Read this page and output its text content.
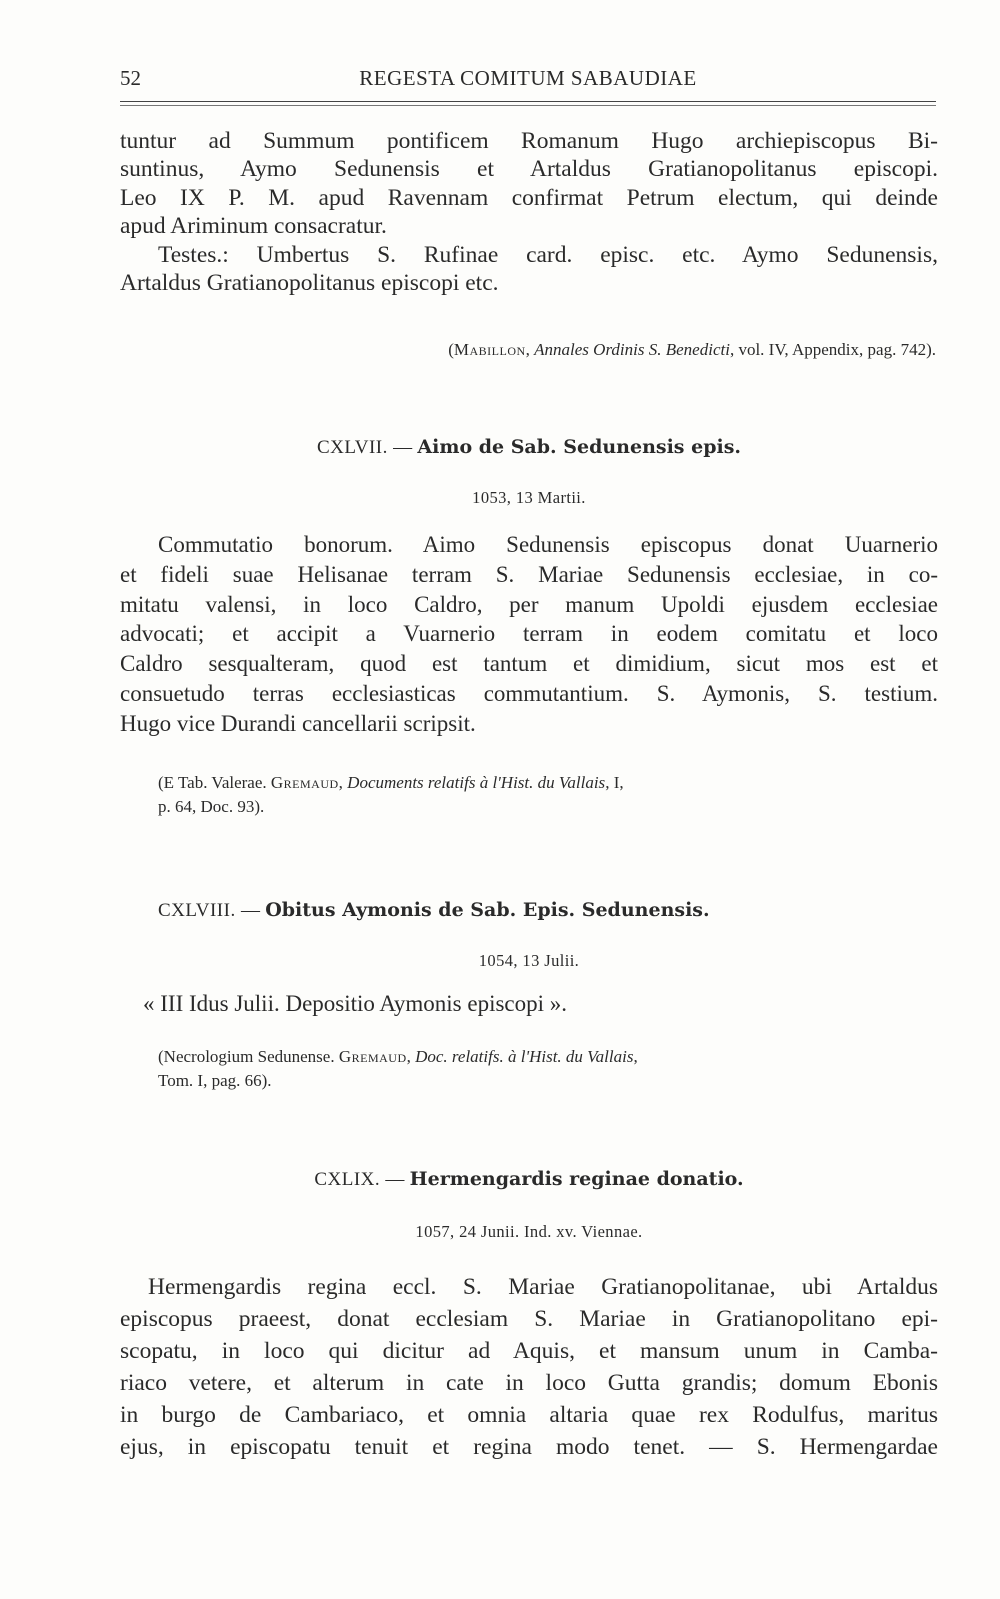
52	REGESTA COMITUM SABAUDIAE
tuntur ad Summum pontificem Romanum Hugo archiepiscopus Bi-
suntinus, Aymo Sedunensis et Artaldus Gratianopolitanus episcopi.
Leo IX P. M. apud Ravennam confirmat Petrum electum, qui deinde
apud Ariminum consacratur.
Testes.: Umbertus S. Rufinae card. episc. etc. Aymo Sedunensis,
Artaldus Gratianopolitanus episcopi etc.
(Mabillon, Annales Ordinis S. Benedicti, vol. IV, Appendix, pag. 742).
CXLVII. — Aimo de Sab. Sedunensis epis.
1053, 13 Martii.
Commutatio bonorum. Aimo Sedunensis episcopus donat Uuarnerio
et fideli suae Helisanae terram S. Mariae Sedunensis ecclesiae, in co-
mitatu valensi, in loco Caldro, per manum Upoldi ejusdem ecclesiae
advocati; et accipit a Vuarnerio terram in eodem comitatu et loco
Caldro sesqualteram, quod est tantum et dimidium, sicut mos est et
consuetudo terras ecclesiasticas commutantium. S. Aymonis, S. testium.
Hugo vice Durandi cancellarii scripsit.
(E Tab. Valerae. Gremaud, Documents relatifs à l'Hist. du Vallais, I,
p. 64, Doc. 93).
CXLVIII. — Obitus Aymonis de Sab. Epis. Sedunensis.
1054, 13 Julii.
« III Idus Julii. Depositio Aymonis episcopi ».
(Necrologium Sedunense. Gremaud, Doc. relatifs. à l'Hist. du Vallais,
Tom. I, pag. 66).
CXLIX. — Hermengardis reginae donatio.
1057, 24 Junii. Ind. xv. Viennae.
Hermengardis regina eccl. S. Mariae Gratianopolitanae, ubi Artaldus
episcopus praeest, donat ecclesiam S. Mariae in Gratianopolitano epi-
scopatu, in loco qui dicitur ad Aquis, et mansum unum in Camba-
riaco vetere, et alterum in cate in loco Gutta grandis; domum Ebonis
in burgo de Cambariaco, et omnia altaria quae rex Rodulfus, maritus
ejus, in episcopatu tenuit et regina modo tenet. — S. Hermengardae
